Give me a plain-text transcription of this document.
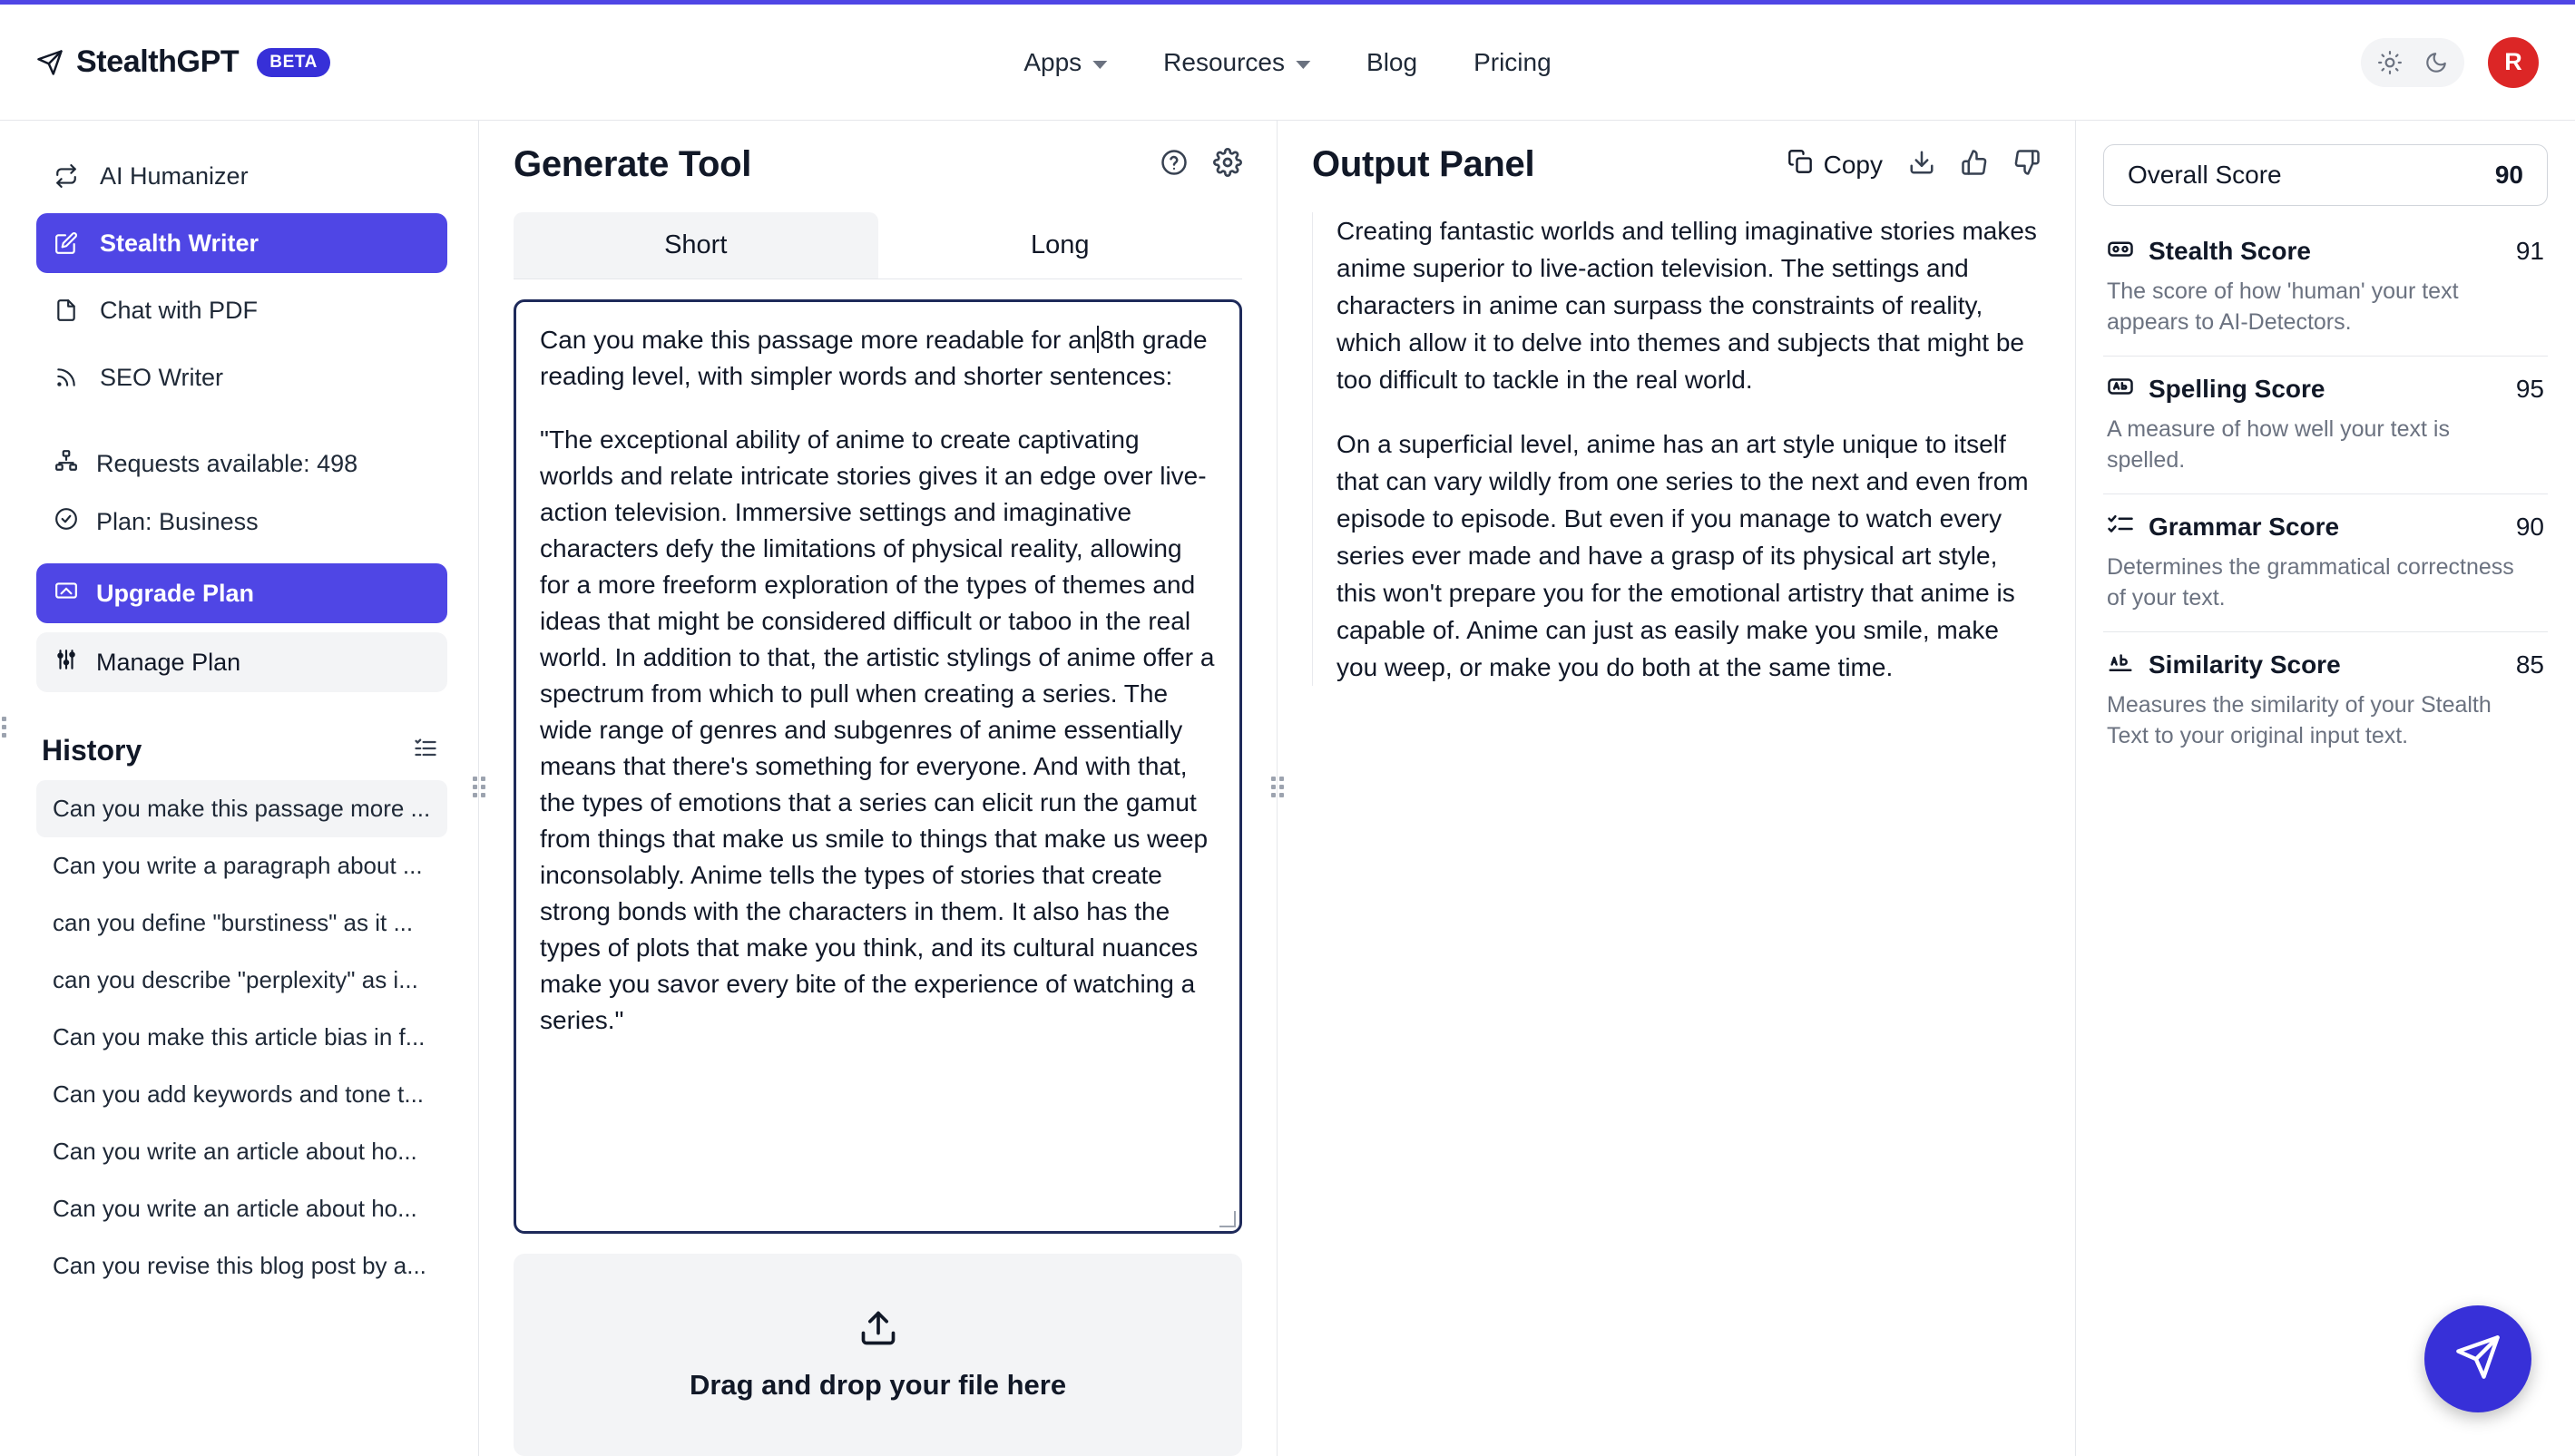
StealthGPT	BETA	Apps	Resources	Blog Pricing	R
AI Humanizer
Stealth Writer
Chat with PDF
SEO Writer
Requests available: 498
Plan: Business
Upgrade Plan
Manage Plan
History
Can you make this passage more ...
Can you write a paragraph about ...
can you define "burstiness" as it ...
can you describe "perplexity" as i...
Can you make this article bias in f...
Can you add keywords and tone t...
Can you write an article about ho...
Can you write an article about ho...
Can you revise this blog post by a...
Generate Tool
Short	Long

Can you make this passage more readable for an 8th grade reading level, with simpler words and shorter sentences:

"The exceptional ability of anime to create captivating worlds and relate intricate stories gives it an edge over live-action television. Immersive settings and imaginative characters defy the limitations of physical reality, allowing for a more freeform exploration of the types of themes and ideas that might be considered difficult or taboo in the real world. In addition to that, the artistic stylings of anime offer a spectrum from which to pull when creating a series. The wide range of genres and subgenres of anime essentially means that there's something for everyone. And with that, the types of emotions that a series can elicit run the gamut from things that make us smile to things that make us weep inconsolably. Anime tells the types of stories that create strong bonds with the characters in them. It also has the types of plots that make you think, and its cultural nuances make you savor every bite of the experience of watching a series."

Drag and drop your file here
Output Panel	Copy

Creating fantastic worlds and telling imaginative stories makes anime superior to live-action television. The settings and characters in anime can surpass the constraints of reality, which allow it to delve into themes and subjects that might be too difficult to tackle in the real world.

On a superficial level, anime has an art style unique to itself that can vary wildly from one series to the next and even from episode to episode. But even if you manage to watch every series ever made and have a grasp of its physical art style, this won't prepare you for the emotional artistry that anime is capable of. Anime can just as easily make you smile, make you weep, or make you do both at the same time.

Overall Score	90
Stealth Score	91
The score of how 'human' your text appears to AI-Detectors.
Spelling Score	95
A measure of how well your text is spelled.
Grammar Score	90
Determines the grammatical correctness of your text.
Similarity Score	85
Measures the similarity of your Stealth Text to your original input text.
